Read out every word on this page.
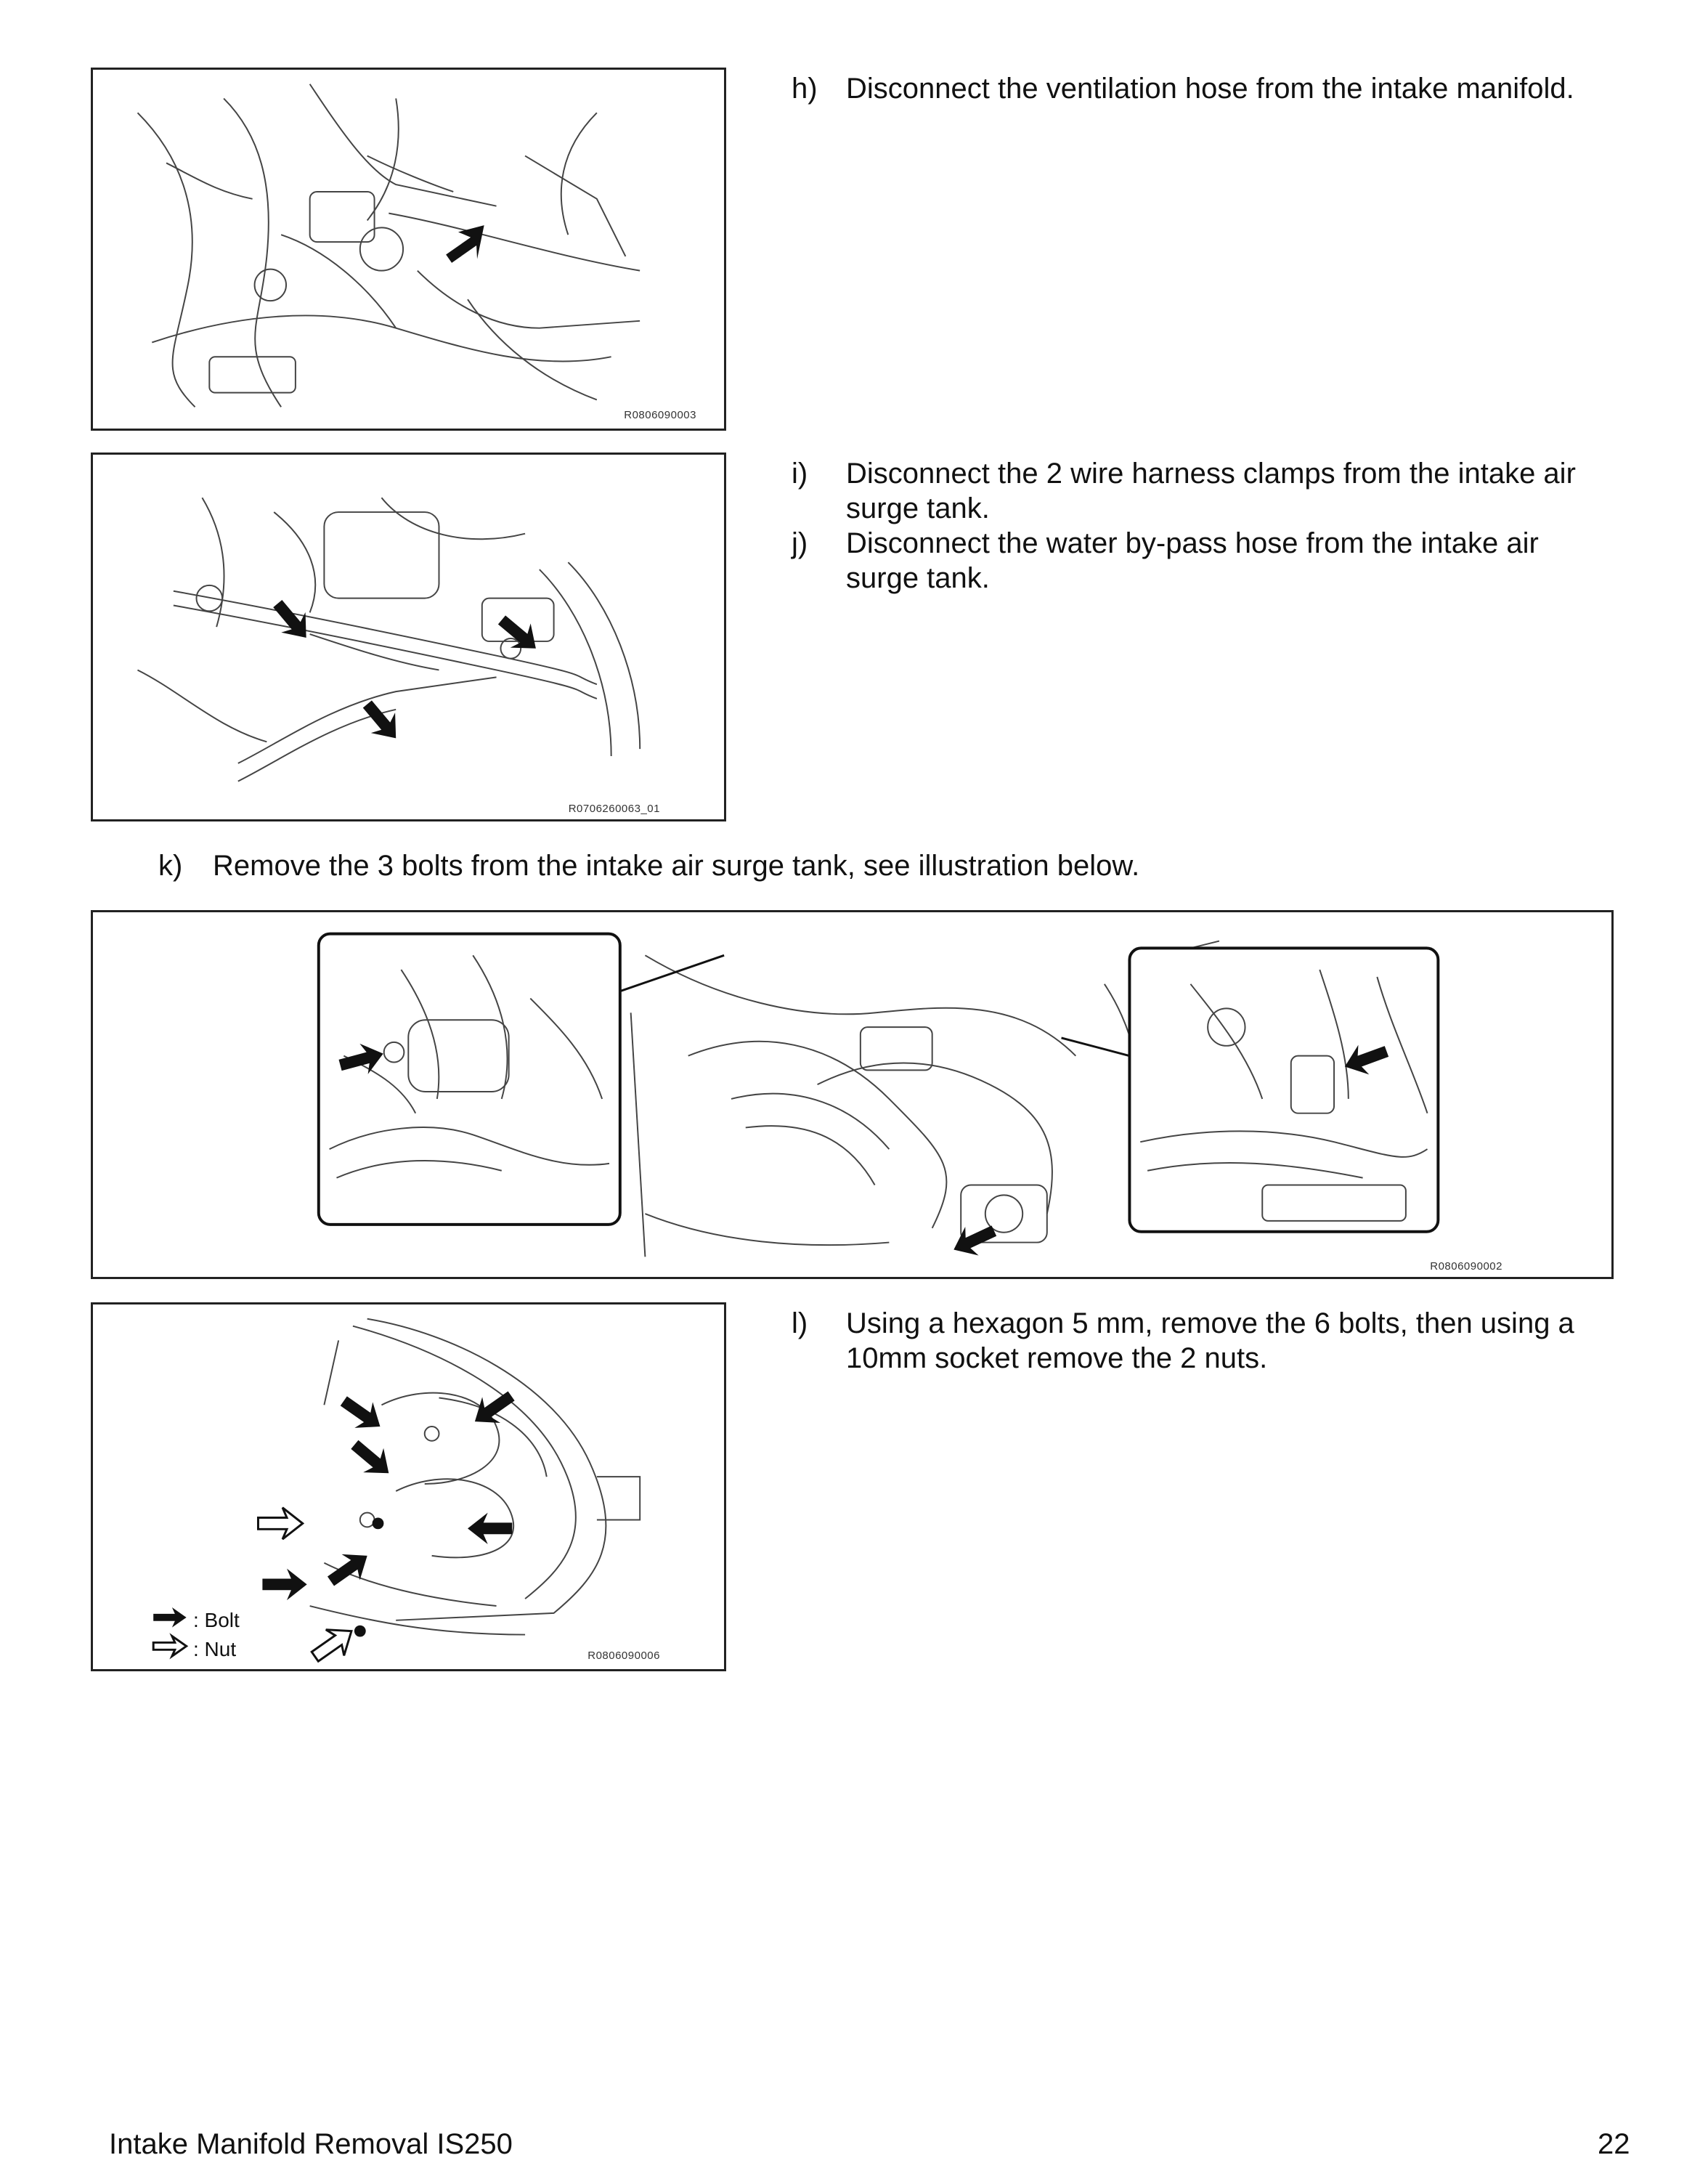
R0806090003
h) Disconnect the ventilation hose from the intake manifold.
R0706260063_01
i) Disconnect the 2 wire harness clamps from the intake air
surge tank.
j) Disconnect the water by-pass hose from the intake air
surge tank.
k) Remove the 3 bolts from the intake air surge tank, see illustration below.
R0806090002
: Bolt
: Nut	R0806090006
l) Using a hexagon 5 mm, remove the 6 bolts, then using a
10mm socket remove the 2 nuts.
Intake Manifold Removal IS250	22
